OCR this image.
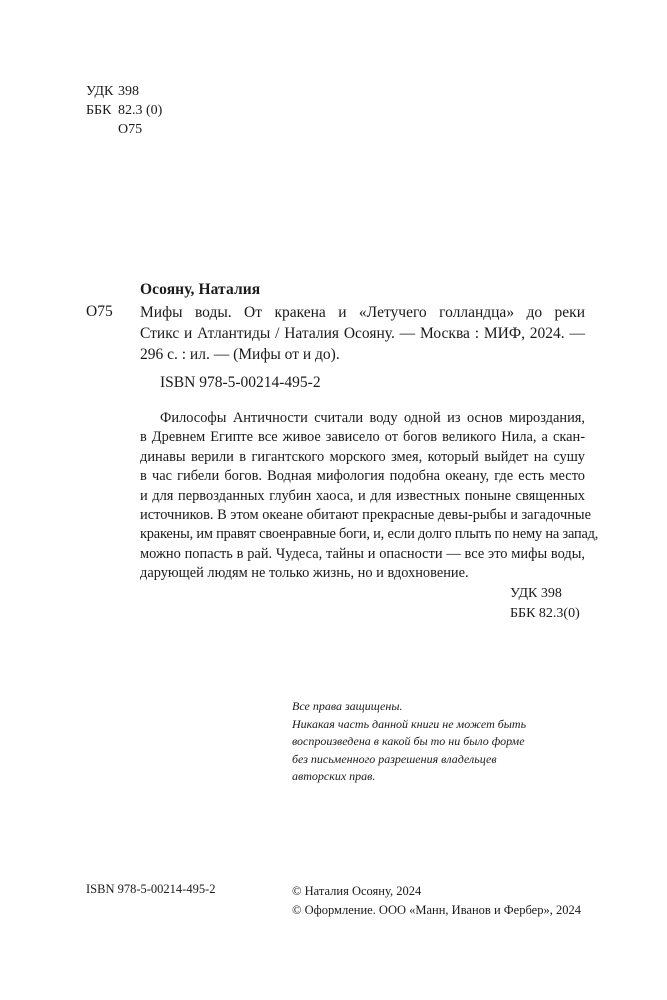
УДК 398
ББК 82.3 (0)
О75
Осояну, Наталия
О75 Мифы воды. От кракена и «Летучего голландца» до реки

Стикс и Атлантиды / Наталия Осояну. — Москва : МИФ, 2024. —

296 с. : ил. — (Мифы от и до).

ISBN 978-5-00214-495-2
Философы Античности считали воду одной из основ мироздания,
в Древнем Египте все живое зависело от богов великого Нила, а скан-
динавы верили в гигантского морского змея, который выйдет на сушу
в час гибели богов. Водная мифология подобна океану, где есть место
и для первозданных глубин хаоса, и для известных поныне священных
источников. В этом океане обитают прекрасные девы-рыбы и загадочные
кракены, им правят своенравные боги, и, если долго плыть по нему на запад,
можно попасть в рай. Чудеса, тайны и опасности — все это мифы воды,
дарующей людям не только жизнь, но и вдохновение.
УДК 398
ББК 82.3(0)
Все права защищены.
Никакая часть данной книги не может быть
воспроизведена в какой бы то ни было форме
без письменного разрешения владельцев
авторских прав.
ISBN 978-5-00214-495-2	© Наталия Осояну, 2024
© Оформление. ООО «Манн, Иванов и Фербер», 2024
